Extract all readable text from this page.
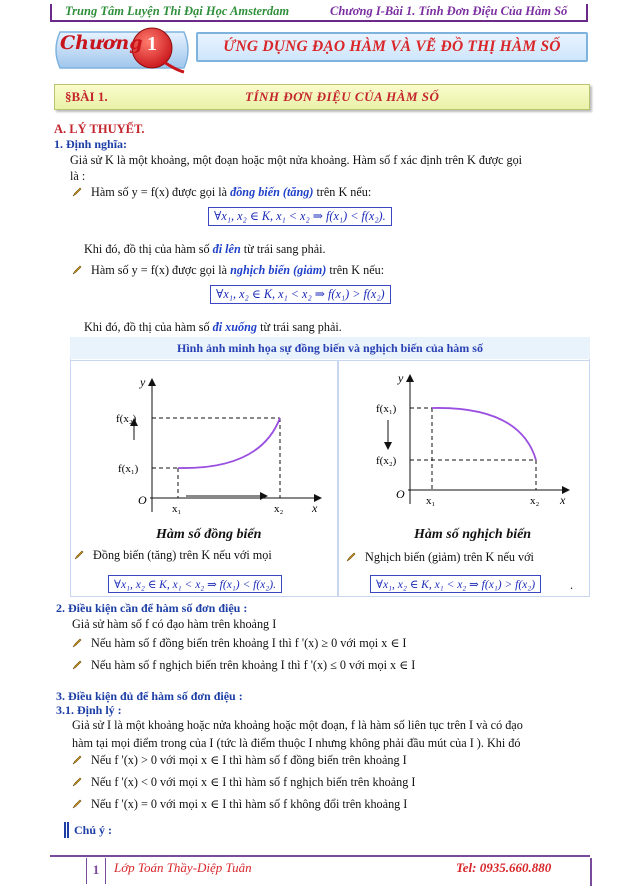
Trung Tâm Luyện Thi Đại Học Amsterdam	Chương I-Bài 1. Tính Đơn Điệu Của Hàm Số
Chương 1	ỨNG DỤNG ĐẠO HÀM VÀ VẼ ĐỒ THỊ HÀM SỐ
§BÀI 1.	TÍNH ĐƠN ĐIỆU CỦA HÀM SỐ
A. LÝ THUYẾT.
1. Định nghĩa:
Giả sử K là một khoảng, một đoạn hoặc một nửa khoảng. Hàm số f xác định trên K được gọi
là :
Hàm số y = f(x) được gọi là đồng biến (tăng) trên K nếu:
∀x₁, x₂ ∈ K, x₁ < x₂ ⇒ f(x₁) < f(x₂).
Khi đó, đồ thị của hàm số đi lên từ trái sang phải.
Hàm số y = f(x) được gọi là nghịch biến (giảm) trên K nếu:
∀x₁, x₂ ∈ K, x₁ < x₂ ⇒ f(x₁) > f(x₂)
Khi đó, đồ thị của hàm số đi xuống từ trái sang phải.
Hình ảnh minh họa sự đồng biến và nghịch biến của hàm số
y
x
O
f(x₂)
f(x₁)
x₁	x₂
y
x
O
f(x₁)
f(x₂)
x₁	x₂
Hàm số đồng biến	Hàm số nghịch biến
Đồng biến (tăng) trên K nếu với mọi	Nghịch biến (giảm) trên K nếu với
∀x₁, x₂ ∈ K, x₁ < x₂ ⇒ f(x₁) < f(x₂).	∀x₁, x₂ ∈ K, x₁ < x₂ ⇒ f(x₁) > f(x₂)	.
2. Điều kiện cần để hàm số đơn điệu :
Giả sử hàm số f có đạo hàm trên khoảng I
Nếu hàm số f đồng biến trên khoảng I thì f '(x) ≥ 0 với mọi x ∈ I
Nếu hàm số f nghịch biến trên khoảng I thì f '(x) ≤ 0 với mọi x ∈ I
3. Điều kiện đủ để hàm số đơn điệu :
3.1. Định lý :
Giả sử I là một khoảng hoặc nửa khoảng hoặc một đoạn, f là hàm số liên tục trên I và có đạo
hàm tại mọi điểm trong của I (tức là điểm thuộc I nhưng không phải đầu mút của I ). Khi đó
Nếu f '(x) > 0 với mọi x ∈ I thì hàm số f đồng biến trên khoảng I
Nếu f '(x) < 0 với mọi x ∈ I thì hàm số f nghịch biến trên khoảng I
Nếu f '(x) = 0 với mọi x ∈ I thì hàm số f không đổi trên khoảng I
Chú ý :
1	Lớp Toán Thầy-Diệp Tuân	Tel: 0935.660.880
